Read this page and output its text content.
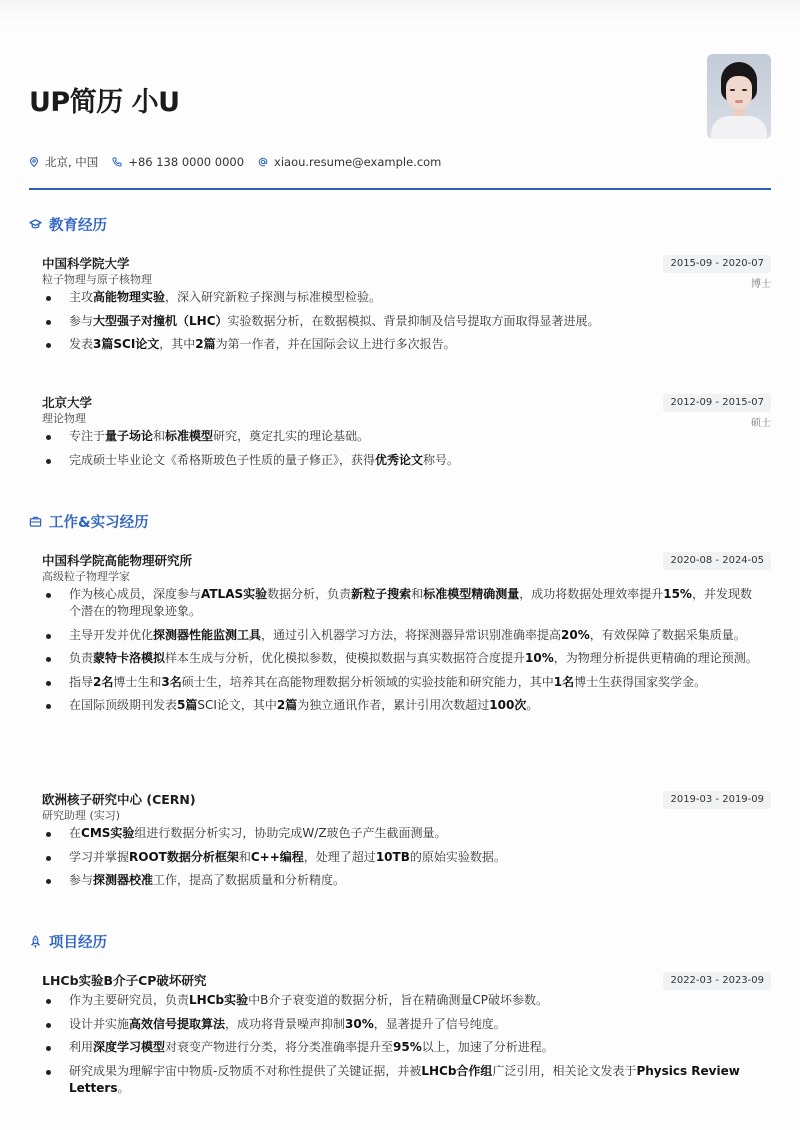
UP简历 小U
北京, 中国	+86 138 0000 0000	xiaou.resume@example.com
教育经历
中国科学院大学
粒子物理与原子核物理
2015-09 - 2020-07
博士
主攻高能物理实验，深入研究新粒子探测与标准模型检验。
参与大型强子对撞机（LHC）实验数据分析，在数据模拟、背景抑制及信号提取方面取得显著进展。
发表3篇SCI论文，其中2篇为第一作者，并在国际会议上进行多次报告。
北京大学
理论物理
2012-09 - 2015-07
硕士
专注于量子场论和标准模型研究，奠定扎实的理论基础。
完成硕士毕业论文《希格斯玻色子性质的量子修正》，获得优秀论文称号。
工作&实习经历
中国科学院高能物理研究所
高级粒子物理学家
2020-08 - 2024-05
作为核心成员，深度参与ATLAS实验数据分析，负责新粒子搜索和标准模型精确测量，成功将数据处理效率提升15%，并发现数个潜在的物理现象迹象。
主导开发并优化探测器性能监测工具，通过引入机器学习方法，将探测器异常识别准确率提高20%，有效保障了数据采集质量。
负责蒙特卡洛模拟样本生成与分析，优化模拟参数，使模拟数据与真实数据符合度提升10%，为物理分析提供更精确的理论预测。
指导2名博士生和3名硕士生，培养其在高能物理数据分析领域的实验技能和研究能力，其中1名博士生获得国家奖学金。
在国际顶级期刊发表5篇SCI论文，其中2篇为独立通讯作者，累计引用次数超过100次。
欧洲核子研究中心 (CERN)
研究助理 (实习)
2019-03 - 2019-09
在CMS实验组进行数据分析实习，协助完成W/Z玻色子产生截面测量。
学习并掌握ROOT数据分析框架和C++编程，处理了超过10TB的原始实验数据。
参与探测器校准工作，提高了数据质量和分析精度。
项目经历
LHCb实验B介子CP破坏研究	2022-03 - 2023-09
作为主要研究员，负责LHCb实验中B介子衰变道的数据分析，旨在精确测量CP破坏参数。
设计并实施高效信号提取算法，成功将背景噪声抑制30%，显著提升了信号纯度。
利用深度学习模型对衰变产物进行分类，将分类准确率提升至95%以上，加速了分析进程。
研究成果为理解宇宙中物质-反物质不对称性提供了关键证据，并被LHCb合作组广泛引用，相关论文发表于Physics Review Letters。
